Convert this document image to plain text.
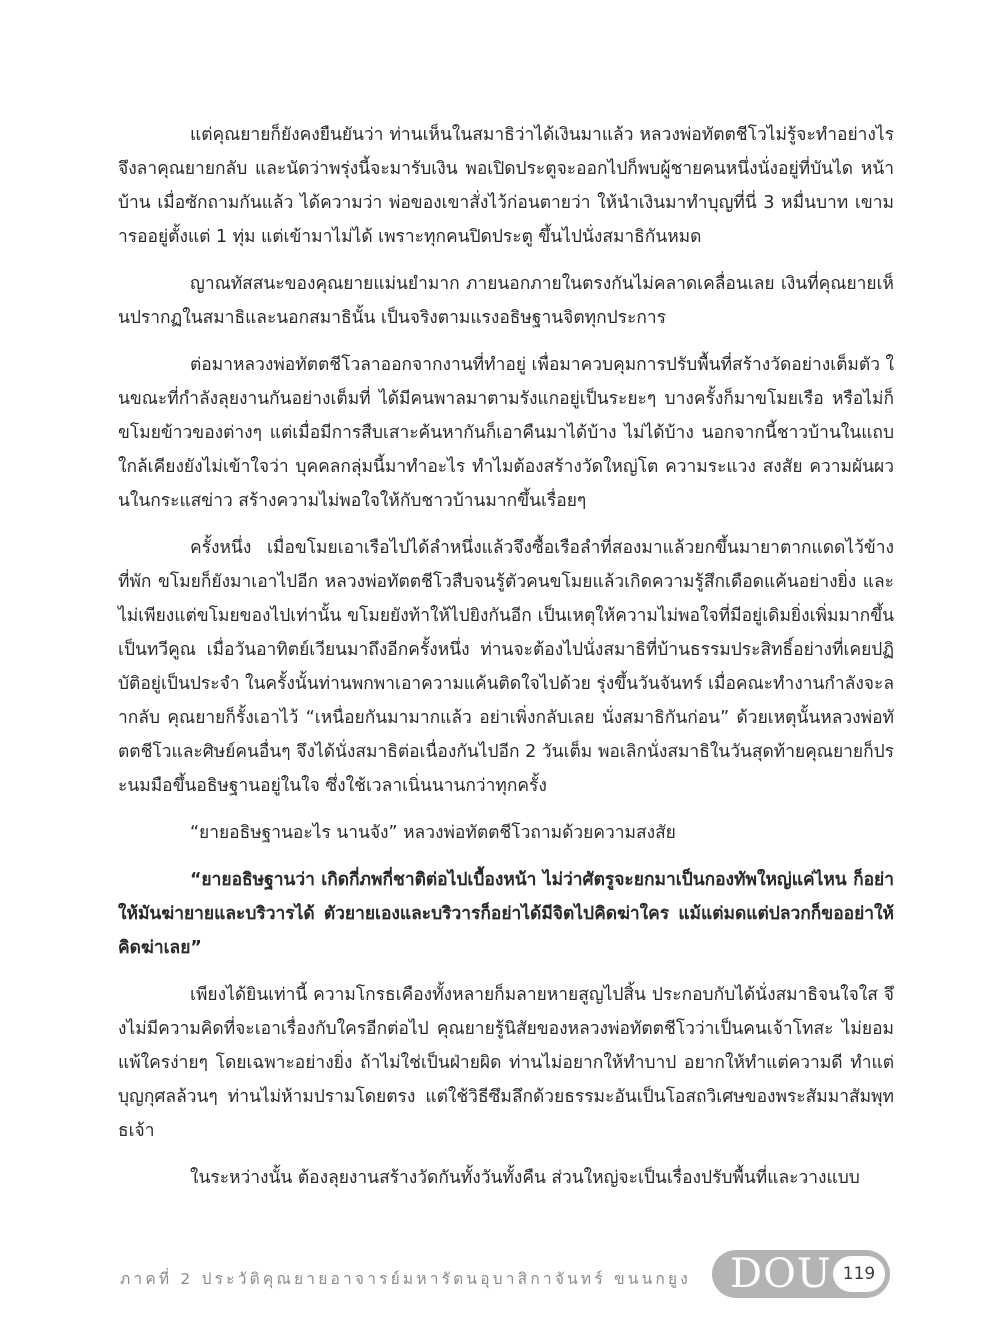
แต่คุณยายก็ยังคงยืนยันว่า ท่านเห็นในสมาธิว่าได้เงินมาแล้ว หลวงพ่อทัตตชีโวไม่รู้จะทำอย่างไร จึงลาคุณยายกลับ และนัดว่าพรุ่งนี้จะมารับเงิน พอเปิดประตูจะออกไปก็พบผู้ชายคนหนึ่งนั่งอยู่ที่บันได หน้าบ้าน เมื่อซักถามกันแล้ว ได้ความว่า พ่อของเขาสั่งไว้ก่อนตายว่า ให้นำเงินมาทำบุญที่นี่ 3 หมื่นบาท เขามารออยู่ตั้งแต่ 1 ทุ่ม แต่เข้ามาไม่ได้ เพราะทุกคนปิดประตู ขึ้นไปนั่งสมาธิกันหมด

ญาณทัสสนะของคุณยายแม่นยำมาก ภายนอกภายในตรงกันไม่คลาดเคลื่อนเลย เงินที่คุณยายเห็นปรากฏในสมาธิและนอกสมาธินั้น เป็นจริงตามแรงอธิษฐานจิตทุกประการ

ต่อมาหลวงพ่อทัตตชีโวลาออกจากงานที่ทำอยู่ เพื่อมาควบคุมการปรับพื้นที่สร้างวัดอย่างเต็มตัว ในขณะที่กำลังลุยงานกันอย่างเต็มที่ ได้มีคนพาลมาตามรังแกอยู่เป็นระยะๆ บางครั้งก็มาขโมยเรือ หรือไม่ก็ขโมยข้าวของต่างๆ แต่เมื่อมีการสืบเสาะค้นหากันก็เอาคืนมาได้บ้าง ไม่ได้บ้าง นอกจากนี้ชาวบ้านในแถบใกล้เคียงยังไม่เข้าใจว่า บุคคลกลุ่มนี้มาทำอะไร ทำไมต้องสร้างวัดใหญ่โต ความระแวง สงสัย ความผันผวนในกระแสข่าว สร้างความไม่พอใจให้กับชาวบ้านมากขึ้นเรื่อยๆ

ครั้งหนึ่ง เมื่อขโมยเอาเรือไปได้ลำหนึ่งแล้วจึงซื้อเรือลำที่สองมาแล้วยกขึ้นมายาตากแดดไว้ข้างที่พัก ขโมยก็ยังมาเอาไปอีก หลวงพ่อทัตตชีโวสืบจนรู้ตัวคนขโมยแล้วเกิดความรู้สึกเดือดแค้นอย่างยิ่ง และไม่เพียงแต่ขโมยของไปเท่านั้น ขโมยยังท้าให้ไปยิงกันอีก เป็นเหตุให้ความไม่พอใจที่มีอยู่เดิมยิ่งเพิ่มมากขึ้นเป็นทวีคูณ เมื่อวันอาทิตย์เวียนมาถึงอีกครั้งหนึ่ง ท่านจะต้องไปนั่งสมาธิที่บ้านธรรมประสิทธิ์อย่างที่เคยปฏิบัติอยู่เป็นประจำ ในครั้งนั้นท่านพกพาเอาความแค้นติดใจไปด้วย รุ่งขึ้นวันจันทร์ เมื่อคณะทำงานกำลังจะลากลับ คุณยายก็รั้งเอาไว้ “เหนื่อยกันมามากแล้ว อย่าเพิ่งกลับเลย นั่งสมาธิกันก่อน” ด้วยเหตุนั้นหลวงพ่อทัตตชีโวและศิษย์คนอื่นๆ จึงได้นั่งสมาธิต่อเนื่องกันไปอีก 2 วันเต็ม พอเลิกนั่งสมาธิในวันสุดท้ายคุณยายก็ประนมมือขึ้นอธิษฐานอยู่ในใจ ซึ่งใช้เวลาเนิ่นนานกว่าทุกครั้ง

“ยายอธิษฐานอะไร นานจัง” หลวงพ่อทัตตชีโวถามด้วยความสงสัย

“ยายอธิษฐานว่า เกิดกี่ภพกี่ชาติต่อไปเบื้องหน้า ไม่ว่าศัตรูจะยกมาเป็นกองทัพใหญ่แค่ไหน ก็อย่าให้มันฆ่ายายและบริวารได้ ตัวยายเองและบริวารก็อย่าได้มีจิตไปคิดฆ่าใคร แม้แต่มดแต่ปลวกก็ขออย่าให้คิดฆ่าเลย”

เพียงได้ยินเท่านี้ ความโกรธเคืองทั้งหลายก็มลายหายสูญไปสิ้น ประกอบกับได้นั่งสมาธิจนใจใส จึงไม่มีความคิดที่จะเอาเรื่องกับใครอีกต่อไป คุณยายรู้นิสัยของหลวงพ่อทัตตชีโวว่าเป็นคนเจ้าโทสะ ไม่ยอมแพ้ใครง่ายๆ โดยเฉพาะอย่างยิ่ง ถ้าไม่ใช่เป็นฝ่ายผิด ท่านไม่อยากให้ทำบาป อยากให้ทำแต่ความดี ทำแต่บุญกุศลล้วนๆ ท่านไม่ห้ามปรามโดยตรง แต่ใช้วิธีซึมลึกด้วยธรรมะอันเป็นโอสถวิเศษของพระสัมมาสัมพุทธเจ้า

ในระหว่างนั้น ต้องลุยงานสร้างวัดกันทั้งวันทั้งคืน ส่วนใหญ่จะเป็นเรื่องปรับพื้นที่และวางแบบ

ภาคที่ 2 ประวัติคุณยายอาจารย์มหารัตนอุบาสิกาจันทร์ ขนนกยูง DOU 119
